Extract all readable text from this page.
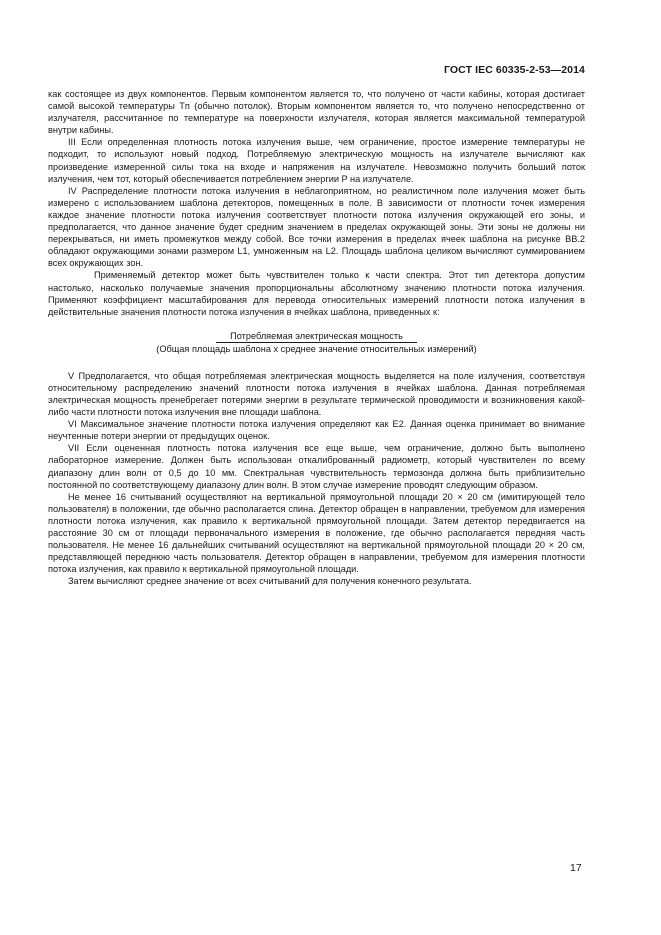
ГОСТ IEC 60335-2-53—2014

как состоящее из двух компонентов. Первым компонентом является то, что получено от части кабины, которая достигает самой высокой температуры Tп (обычно потолок). Вторым компонентом является то, что получено непосредственно от излучателя, рассчитанное по температуре на поверхности излучателя, которая является максимальной температурой внутри кабины.

III Если определенная плотность потока излучения выше, чем ограничение, простое измерение температуры не подходит, то используют новый подход. Потребляемую электрическую мощность на излучателе вычисляют как произведение измеренной силы тока на входе и напряжения на излучателе. Невозможно получить больший поток излучения, чем тот, который обеспечивается потреблением энергии P на излучателе.

IV Распределение плотности потока излучения в неблагоприятном, но реалистичном поле излучения может быть измерено с использованием шаблона детекторов, помещенных в поле. В зависимости от плотности точек измерения каждое значение плотности потока излучения соответствует плотности потока излучения окружающей его зоны, и предполагается, что данное значение будет средним значением в пределах окружающей зоны. Эти зоны не должны ни перекрываться, ни иметь промежутков между собой. Все точки измерения в пределах ячеек шаблона на рисунке ВВ.2 обладают окружающими зонами размером L1, умноженным на L2. Площадь шаблона целиком вычисляют суммированием всех окружающих зон.

Применяемый детектор может быть чувствителен только к части спектра. Этот тип детектора допустим настолько, насколько получаемые значения пропорциональны абсолютному значению плотности потока излучения. Применяют коэффициент масштабирования для перевода относительных измерений плотности потока излучения в действительные значения плотности потока излучения в ячейках шаблона, приведенных к:

Потребляемая электрическая мощность
(Общая площадь шаблона х среднее значение относительных измерений)

V Предполагается, что общая потребляемая электрическая мощность выделяется на поле излучения, соответствуя относительному распределению значений плотности потока излучения в ячейках шаблона. Данная потребляемая электрическая мощность пренебрегает потерями энергии в результате термической проводимости и возникновения какой-либо части плотности потока излучения вне площади шаблона.

VI Максимальное значение плотности потока излучения определяют как E2. Данная оценка принимает во внимание неучтенные потери энергии от предыдущих оценок.

VII Если оцененная плотность потока излучения все еще выше, чем ограничение, должно быть выполнено лабораторное измерение. Должен быть использован откалиброванный радиометр, который чувствителен по всему диапазону длин волн от 0,5 до 10 мм. Спектральная чувствительность термозонда должна быть приблизительно постоянной по соответствующему диапазону длин волн. В этом случае измерение проводят следующим образом.

Не менее 16 считываний осуществляют на вертикальной прямоугольной площади 20 × 20 см (имитирующей тело пользователя) в положении, где обычно располагается спина. Детектор обращен в направлении, требуемом для измерения плотности потока излучения, как правило к вертикальной прямоугольной площади. Затем детектор передвигается на расстояние 30 см от площади первоначального измерения в положение, где обычно располагается передняя часть пользователя. Не менее 16 дальнейших считываний осуществляют на вертикальной прямоугольной площади 20 × 20 см, представляющей переднюю часть пользователя. Детектор обращен в направлении, требуемом для измерения плотности потока излучения, как правило к вертикальной прямоугольной площади.

Затем вычисляют среднее значение от всех считываний для получения конечного результата.

17
